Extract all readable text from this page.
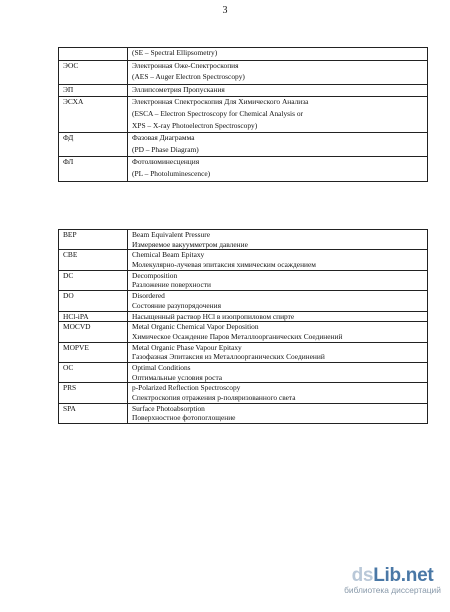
3

	(SE – Spectral Ellipsometry)

ЭОС	Электронная Оже-Спектроскопия
(AES – Auger Electron Spectroscopy)

ЭП	Эллипсометрия Пропускания

ЭСХА	Электронная Спектроскопия Для Химического Анализа
(ESCA – Electron Spectroscopy for Chemical Analysis or
XPS – X-ray Photoelectron Spectroscopy)

ФД	Фазовая Диаграмма
(PD – Phase Diagram)

ФЛ	Фотолюминесценция
(PL – Photoluminescence)
BEP	Beam Equivalent Pressure
Измеряемое вакуумметром давление

CBE	Chemical Beam Epitaxy
Молекулярно-лучевая эпитаксия химическим осаждением

DC	Decomposition
Разложение поверхности

DO	Disordered
Состояние разупорядочения

HCl-iPA	Насыщенный раствор HCl в изопропиловом спирте

MOCVD	Metal Organic Chemical Vapor Deposition
Химическое Осаждение Паров Металлоорганических Соединений

MOPVE	Metal Organic Phase Vapour Epitaxy
Газофазная Эпитаксия из Металлоорганических Соединений

OC	Optimal Conditions
Оптимальные условия роста

PRS	p-Polarized Reflection Spectroscopy
Спектроскопия отражения p-поляризованного света

SPA	Surface Photoabsorption
Поверхностное фотопоглощение
dsLib.net
библиотека диссертаций
